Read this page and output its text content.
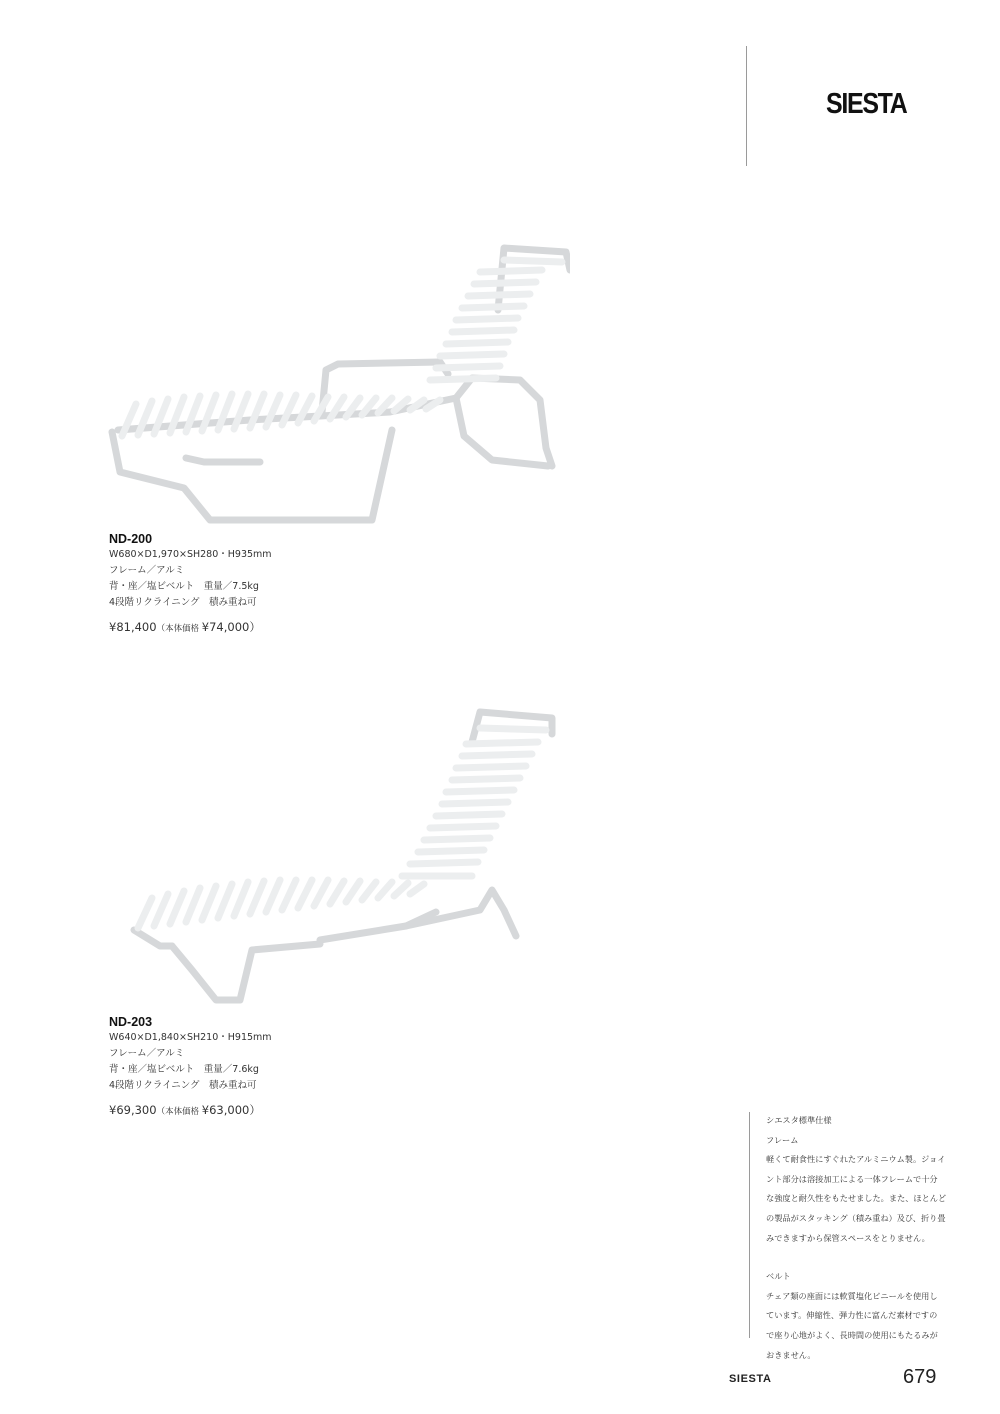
SIESTA
ND-200
W680×D1,970×SH280・H935mm
フレーム／アルミ
背・座／塩ビベルト　重量／7.5kg
4段階リクライニング　積み重ね可
¥81,400（本体価格 ¥74,000）
ND-203
W640×D1,840×SH210・H915mm
フレーム／アルミ
背・座／塩ビベルト　重量／7.6kg
4段階リクライニング　積み重ね可
¥69,300（本体価格 ¥63,000）

シエスタ標準仕様

フレーム

軽くて耐食性にすぐれたアルミニウム製。ジョイ

ント部分は溶接加工による一体フレームで十分

な強度と耐久性をもたせました。また、ほとんど

の製品がスタッキング（積み重ね）及び、折り畳

みできますから保管スペースをとりません。

ベルト

チェア類の座面には軟質塩化ビニールを使用し

ています。伸縮性、弾力性に富んだ素材ですの

で座り心地がよく、長時間の使用にもたるみが

おきません。

SIESTA	679
